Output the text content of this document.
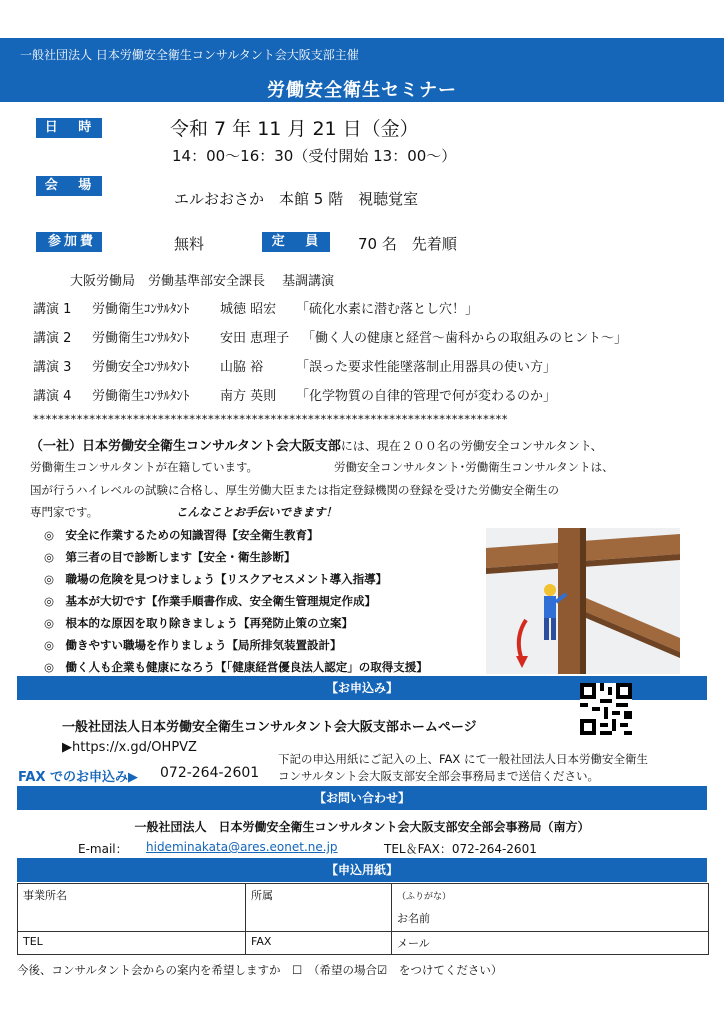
一般社団法人 日本労働安全衛生コンサルタント会大阪支部主催
労働安全衛生セミナー
日 時	令和 7 年 11 月 21 日（金）
14：00〜16：30（受付開始 13：00〜）
会 場
エルおおさか　本館 5 階　視聴覚室
参加費	無料	定 員 70 名　先着順
大阪労働局　労働基準部安全課長　 基調講演
講演 1 労働衛生ｺﾝｻﾙﾀﾝﾄ 城徳 昭宏 「硫化水素に潜む落とし穴！」
講演 2 労働衛生ｺﾝｻﾙﾀﾝﾄ 安田 恵理子 「働く人の健康と経営〜歯科からの取組みのヒント〜」
講演 3 労働安全ｺﾝｻﾙﾀﾝﾄ 山脇 裕	「誤った要求性能墜落制止用器具の使い方」
講演 4 労働衛生ｺﾝｻﾙﾀﾝﾄ 南方 英則 「化学物質の自律的管理で何が変わるのか」
****************************************************************************
（一社）日本労働安全衛生コンサルタント会大阪支部には、現在２００名の労働安全コンサルタント、
労働衛生コンサルタントが在籍しています。	労働安全コンサルタント･労働衛生コンサルタントは、
国が行うハイレベルの試験に合格し、厚生労働大臣または指定登録機関の登録を受けた労働安全衛生の
専門家です。	こんなことお手伝いできます！
◎　安全に作業するための知識習得【安全衛生教育】
◎　第三者の目で診断します【安全・衛生診断】
◎　職場の危険を見つけましょう【リスクアセスメント導入指導】
◎　基本が大切です【作業手順書作成、安全衛生管理規定作成】
◎　根本的な原因を取り除きましょう【再発防止策の立案】
◎　働きやすい職場を作りましょう【局所排気装置設計】
◎　働く人も企業も健康になろう【「健康経営優良法人認定」の取得支援】
【お申込み】
一般社団法人日本労働安全衛生コンサルタント会大阪支部ホームページ
▶https://x.gd/OHPVZ
FAX でのお申込み▶ 072-264-2601
下記の申込用紙にご記入の上、FAX にて一般社団法人日本労働安全衛生
コンサルタント会大阪支部安全部会事務局まで送信ください。
【お問い合わせ】
一般社団法人　日本労働安全衛生コンサルタント会大阪支部安全部会事務局（南方）
E-mail： hideminakata@ares.eonet.ne.jp	TEL＆FAX：072-264-2601
【申込用紙】
事業所名	所属	（ふりがな）
お名前

TEL	FAX	メール
今後、コンサルタント会からの案内を希望しますか　☐　（希望の場合☑　をつけてください）
